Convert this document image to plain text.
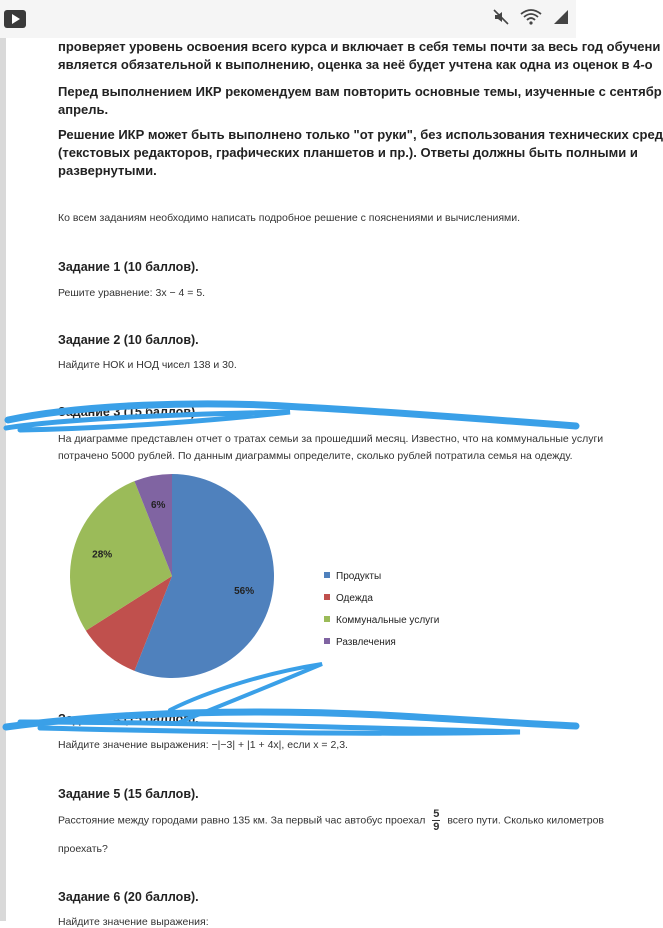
проверяет уровень освоения всего курса и включает в себя темы почти за весь год обучени
является обязательной к выполнению, оценка за неё будет учтена как одна из оценок в 4-о
Перед выполнением ИКР рекомендуем вам повторить основные темы, изученные с сентябр
апрель.
Решение ИКР может быть выполнено только "от руки", без использования технических сред
(текстовых редакторов, графических планшетов и пр.). Ответы должны быть полными и
развернутыми.
Ко всем заданиям необходимо написать подробное решение с пояснениями и вычислениями.
Задание 1 (10 баллов).
Решите уравнение: 3x − 4 = 5.
Задание 2 (10 баллов).
Найдите НОК и НОД чисел 138 и 30.
Задание 3 (15 баллов).
На диаграмме представлен отчет о тратах семьи за прошедший месяц. Известно, что на коммунальные услуги
потрачено 5000 рублей. По данным диаграммы определите, сколько рублей потратила семья на одежду.
56%
28%
6%
Продукты
Одежда
Коммунальные услуги
Развлечения
Задание 4 (15 баллов).
Найдите значение выражения: −|−3| + |1 + 4x|, если x = 2,3.
Задание 5 (15 баллов).
Расстояние между городами равно 135 км. За первый час автобус проехал $\frac{5}{9}$ всего пути. Сколько километров
проехать?
Задание 6 (20 баллов).
Найдите значение выражения:
